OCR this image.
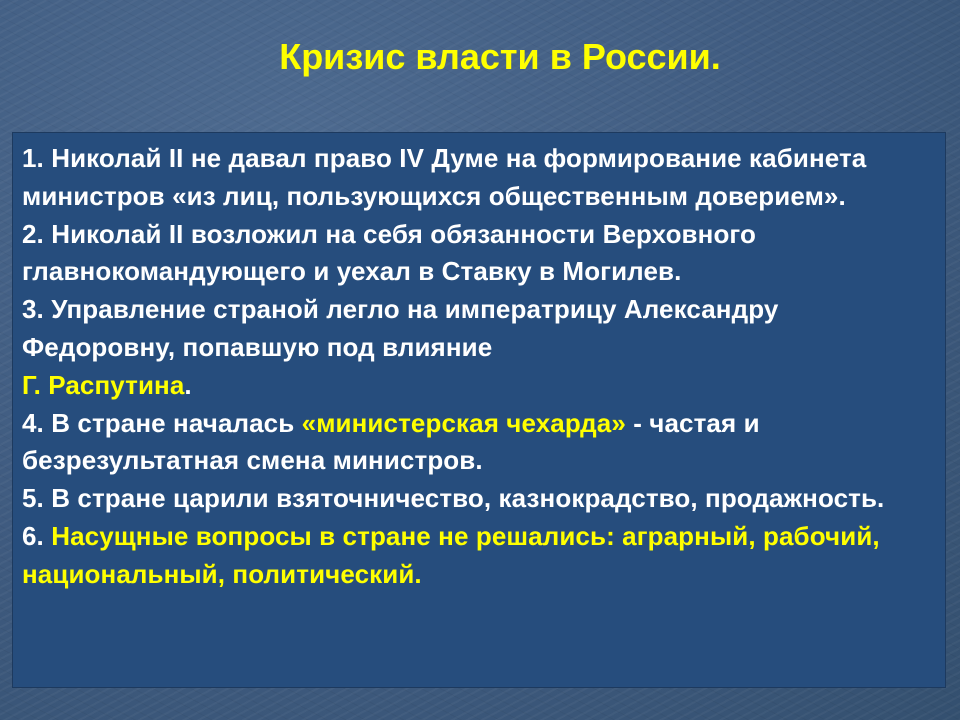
Кризис власти в России.

1. Николай II не давал право IV Думе на формирование кабинета министров «из лиц, пользующихся общественным доверием».

2. Николай II возложил на себя обязанности Верховного главнокомандующего и уехал в Ставку в Могилев.

3. Управление страной легло на императрицу Александру Федоровну, попавшую под влияние
Г. Распутина.

4. В стране началась «министерская чехарда» - частая и безрезультатная смена министров.

5. В стране царили взяточничество, казнокрадство, продажность.

6. Насущные вопросы в стране не решались: аграрный, рабочий, национальный, политический.
